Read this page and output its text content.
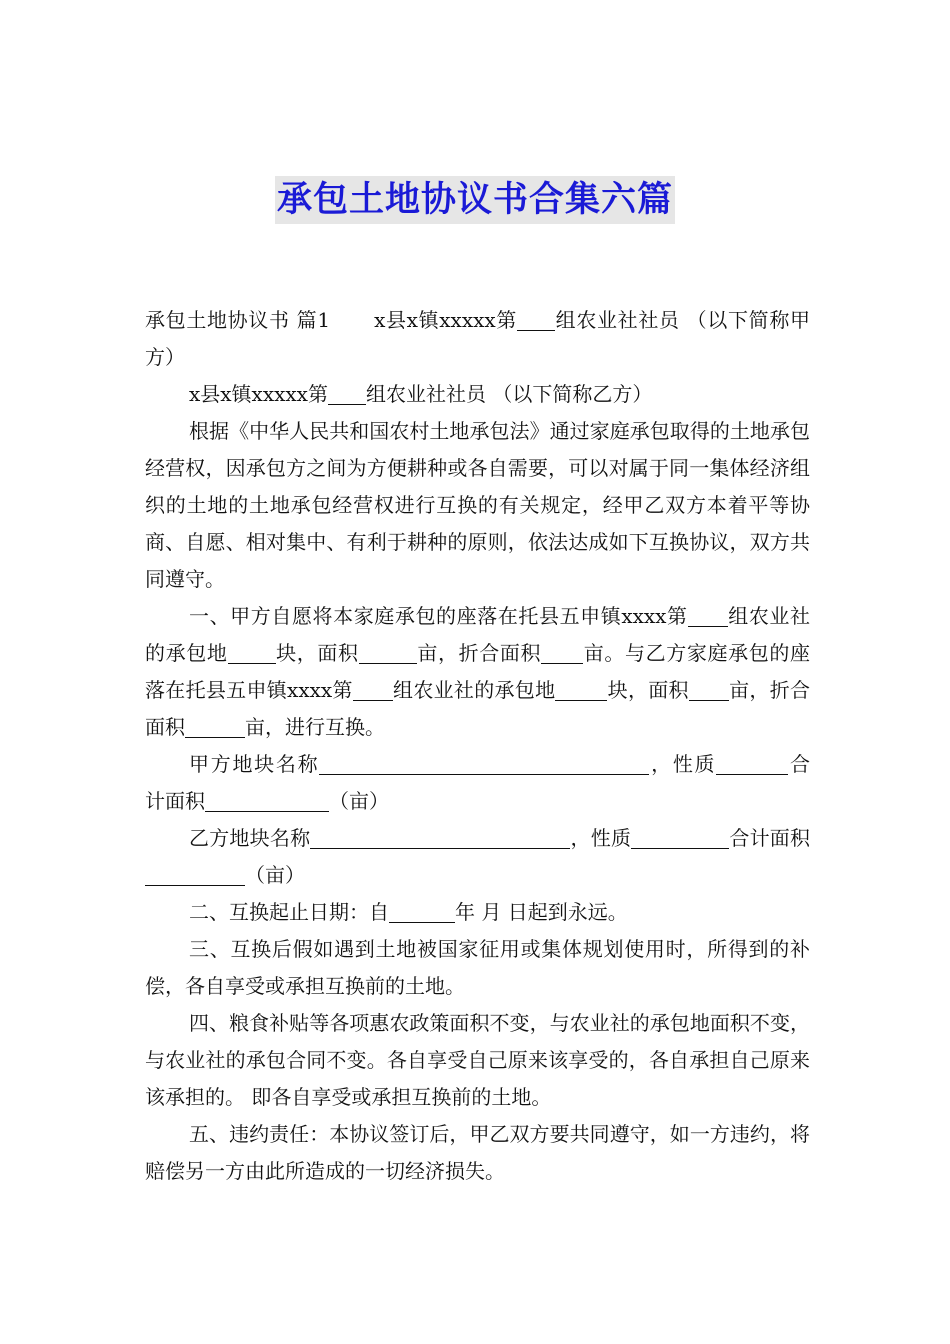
承包土地协议书合集六篇

承包土地协议书 篇1 x县x镇xxxxx第 组农业社社员 （以下简称甲方）

x县x镇xxxxx第 组农业社社员 （以下简称乙方）

根据《中华人民共和国农村土地承包法》通过家庭承包取得的土地承包经营权，因承包方之间为方便耕种或各自需要，可以对属于同一集体经济组织的土地的土地承包经营权进行互换的有关规定，经甲乙双方本着平等协商、自愿、相对集中、有利于耕种的原则，依法达成如下互换协议，双方共同遵守。

一、甲方自愿将本家庭承包的座落在托县五申镇xxxx第 组农业社的承包地 块，面积	亩，折合面积 亩。与乙方家庭承包的座落在托县五申镇xxxx第 组农业社的承包地	块，面积 亩，折合面积	亩，进行互换。

甲方地块名称	，性质	合计面积	（亩）

乙方地块名称	，性质	合计面积（亩）

二、互换起止日期：自	年 月 日起到永远。

三、互换后假如遇到土地被国家征用或集体规划使用时，所得到的补偿，各自享受或承担互换前的土地。

四、粮食补贴等各项惠农政策面积不变，与农业社的承包地面积不变，与农业社的承包合同不变。各自享受自己原来该享受的，各自承担自己原来该承担的。 即各自享受或承担互换前的土地。

五、违约责任：本协议签订后，甲乙双方要共同遵守，如一方违约，将赔偿另一方由此所造成的一切经济损失。
